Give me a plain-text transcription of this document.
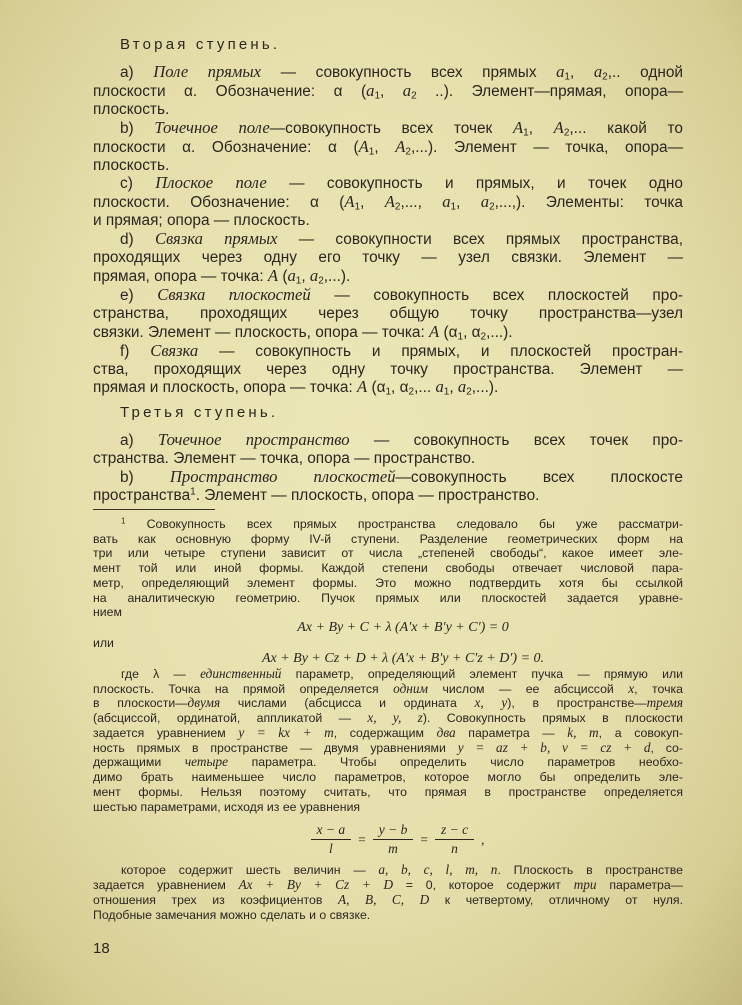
Вторая ступень.
a) Поле прямых — совокупность всех прямых $a_1$, $a_2$,.. одной
плоскости α. Обозначение: α ($a_1$, $a_2$ ..). Элемент—прямая, опора—
плоскость.
b) Точечное поле—совокупность всех точек $A_1$, $A_2$,... какой то
плоскости α. Обозначение: α ($A_1$, $A_2$,...). Элемент — точка, опора—
плоскость.
c) Плоское поле — совокупность и прямых, и точек одно
плоскости. Обозначение: α ($A_1$, $A_2$,..., $a_1$, $a_2$,...,). Элементы: точка
и прямая; опора — плоскость.
d) Связка прямых — совокупности всех прямых пространства,
проходящих через одну его точку — узел связки. Элемент —
прямая, опора — точка: A ($a_1$, $a_2$,...).
e) Связка плоскостей — совокупность всех плоскостей про-
странства, проходящих через общую точку пространства—узел
связки. Элемент — плоскость, опора — точка: A ($\alpha_1$, $\alpha_2$,...).
f) Связка — совокупность и прямых, и плоскостей простран-
ства, проходящих через одну точку пространства. Элемент —
прямая и плоскость, опора — точка: A ($\alpha_1$, $\alpha_2$,... $a_1$, $a_2$,...).
Третья ступень.
a) Точечное пространство — совокупность всех точек про-
странства. Элемент — точка, опора — пространство.
b) Пространство плоскостей—совокупность всех плоскосте
пространства$^1$. Элемент — плоскость, опора — пространство.
$^1$ Совокупность всех прямых пространства следовало бы уже рассматри-
вать как основную форму IV-й ступени. Разделение геометрических форм на
три или четыре ступени зависит от числа „степеней свободы“, какое имеет эле-
мент той или иной формы. Каждой степени свободы отвечает числовой пара-
метр, определяющий элемент формы. Это можно подтвердить хотя бы ссылкой
на аналитическую геометрию. Пучок прямых или плоскостей задается уравне-
нием
Ax + By + C + λ (A′x + B′y + C′) = 0
или
Ax + By + Cz + D + λ (A′x + B′y + C′z + D′) = 0.
где λ — единственный параметр, определяющий элемент пучка — прямую или
плоскость. Точка на прямой определяется одним числом — ее абсциссой x, точка
в плоскости—двумя числами (абсцисса и ордината x, y), в пространстве—тремя
(абсциссой, ординатой, аппликатой — x, y, z). Совокупность прямых в плоскости
задается уравнением y = kx + m, содержащим два параметра — k, m, а совокуп-
ность прямых в пространстве — двумя уравнениями y = az + b, v = cz + d, со-
держащими четыре параметра. Чтобы определить число параметров необхо-
димо брать наименьшее число параметров, которое могло бы определить эле-
мент формы. Нельзя поэтому считать, что прямая в пространстве определяется
шестью параметрами, исходя из ее уравнения
$\frac{x - a}{l} = \frac{y - b}{m} = \frac{z - c}{n}$ ,
которое содержит шесть величин — a, b, c, l, m, n. Плоскость в пространстве
задается уравнением Ax + By + Cz + D = 0, которое содержит три параметра—
отношения трех из коэфициентов A, B, C, D к четвертому, отличному от нуля.
Подобные замечания можно сделать и о связке.
18
